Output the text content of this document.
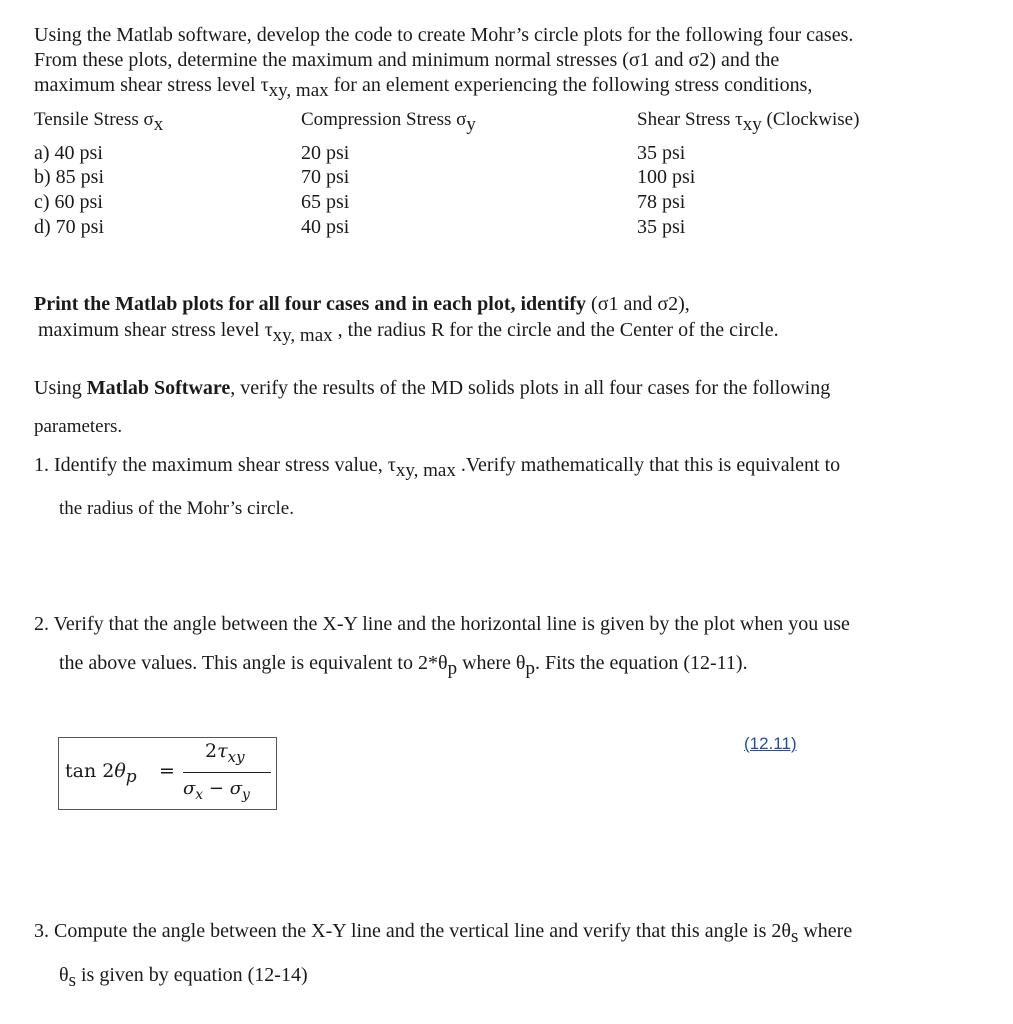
Using the Matlab software, develop the code to create Mohr’s circle plots for the following four cases.
From these plots, determine the maximum and minimum normal stresses (σ1 and σ2) and the
maximum shear stress level τxy, max for an element experiencing the following stress conditions,
Tensile Stress σx	Compression Stress σy	Shear Stress τxy (Clockwise)
a) 40 psi	20 psi	35 psi
b) 85 psi	70 psi	100 psi
c) 60 psi	65 psi	78 psi
d) 70 psi	40 psi	35 psi
Print the Matlab plots for all four cases and in each plot, identify (σ1 and σ2),
maximum shear stress level τxy, max , the radius R for the circle and the Center of the circle.
Using Matlab Software, verify the results of the MD solids plots in all four cases for the following
parameters.
1. Identify the maximum shear stress value, τxy, max .Verify mathematically that this is equivalent to
the radius of the Mohr’s circle.
2. Verify that the angle between the X-Y line and the horizontal line is given by the plot when you use
the above values. This angle is equivalent to 2*θp where θp. Fits the equation (12-11).
tan 2θp =
$2\tau_{xy}$
$\sigma_x - \sigma_y$
(12.11)
3. Compute the angle between the X-Y line and the vertical line and verify that this angle is 2θs where
θs is given by equation (12-14)
